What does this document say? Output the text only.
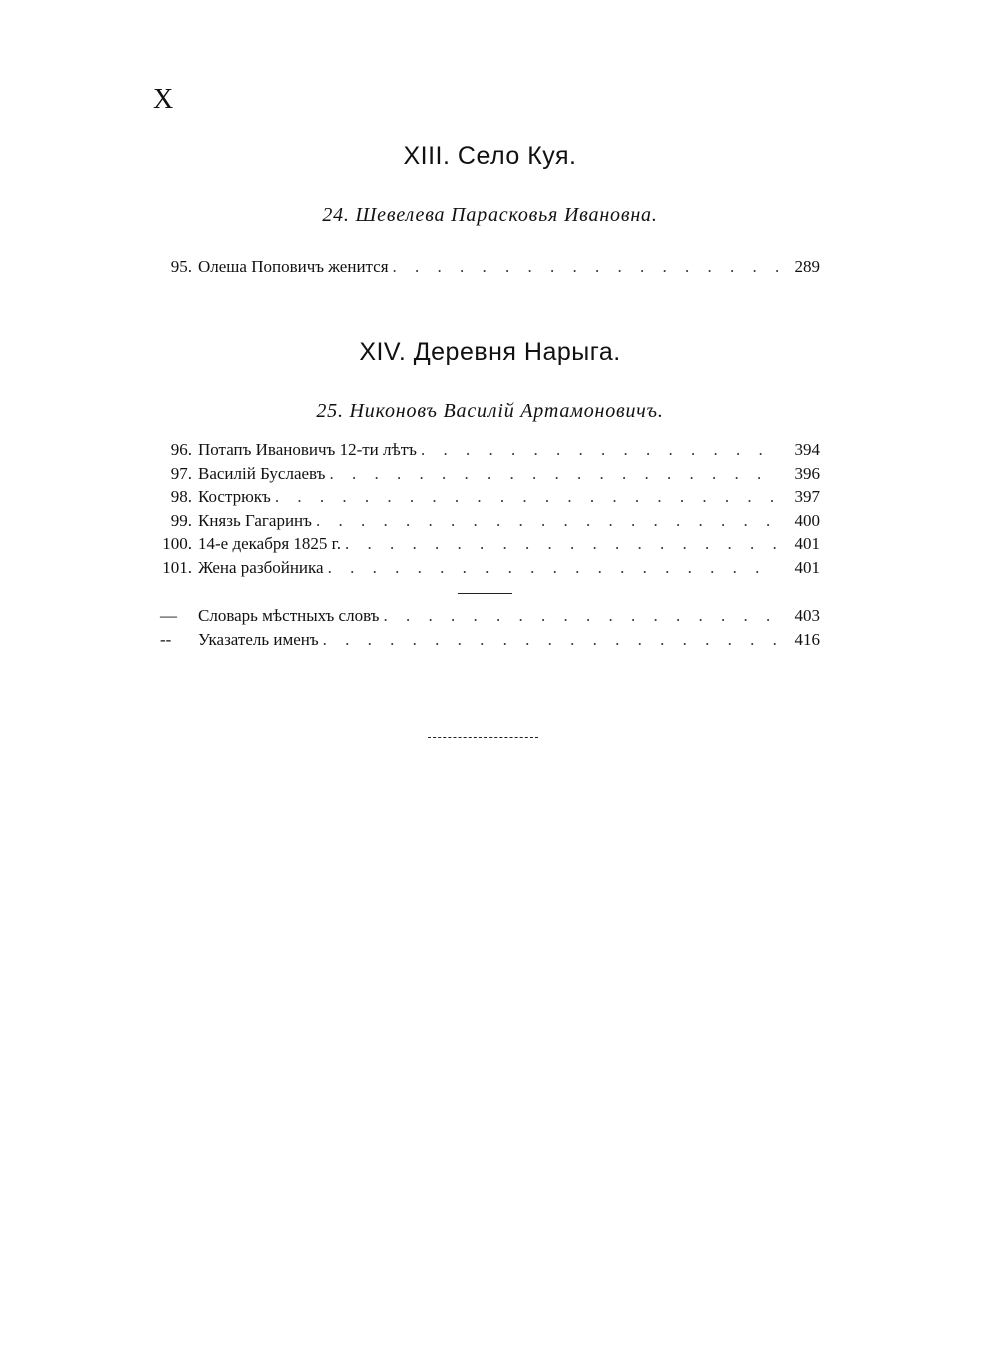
X
XIII. Село Куя.
24. Шевелева Парасковья Ивановна.
95. Олеша Поповичъ женится . . .	289
XIV. Деревня Нарыга.
25. Никоновъ Василій Артамоновичъ.
96. Потапъ Ивановичъ 12-ти лѣтъ . . .	394
97. Василій Буслаевъ . . .	396
98. Кострюкъ . . .	397
99. Князь Гагаринъ . . .	400
100. 14-е декабря 1825 г. . . .	401
101. Жена разбойника . . .	401
—	Словарь мѣстныхъ словъ . . .	403
--	Указатель именъ . . .	416
